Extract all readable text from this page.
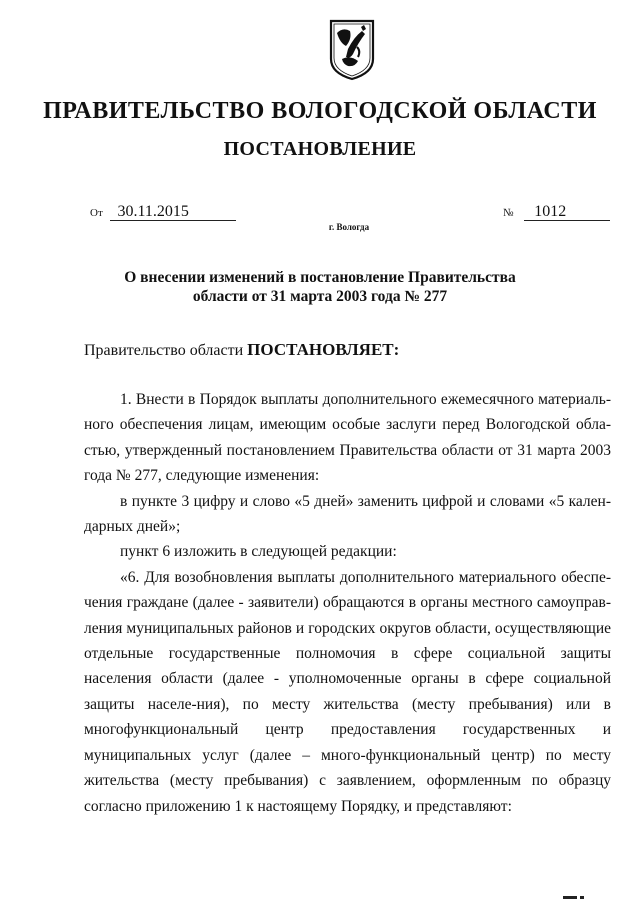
ПРАВИТЕЛЬСТВО ВОЛОГОДСКОЙ ОБЛАСТИ
ПОСТАНОВЛЕНИЕ
От 30.11.2015	№ 1012
г. Вологда
О внесении изменений в постановление Правительства области от 31 марта 2003 года № 277
Правительство области ПОСТАНОВЛЯЕТ:

1. Внести в Порядок выплаты дополнительного ежемесячного материаль-ного обеспечения лицам, имеющим особые заслуги перед Вологодской обла-стью, утвержденный постановлением Правительства области от 31 марта 2003 года № 277, следующие изменения:

в пункте 3 цифру и слово «5 дней» заменить цифрой и словами «5 кален-дарных дней»;

пункт 6 изложить в следующей редакции:

«6. Для возобновления выплаты дополнительного материального обеспе-чения граждане (далее - заявители) обращаются в органы местного самоуправ-ления муниципальных районов и городских округов области, осуществляющие отдельные государственные полномочия в сфере социальной защиты населения области (далее - уполномоченные органы в сфере социальной защиты населе-ния), по месту жительства (месту пребывания) или в многофункциональный центр предоставления государственных и муниципальных услуг (далее – много-функциональный центр) по месту жительства (месту пребывания) с заявлением, оформленным по образцу согласно приложению 1 к настоящему Порядку, и представляют:
